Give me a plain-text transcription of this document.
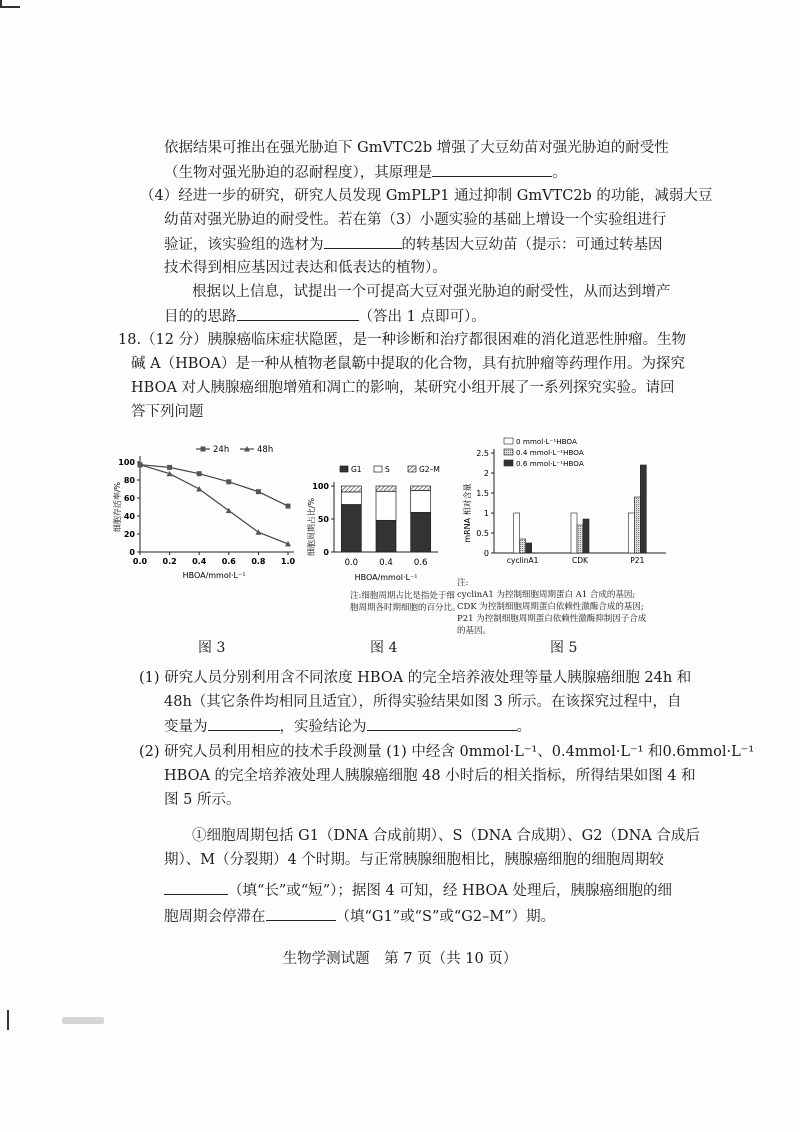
依据结果可推出在强光胁迫下 GmVTC2b 增强了大豆幼苗对强光胁迫的耐受性
（生物对强光胁迫的忍耐程度），其原理是	。
（4）经进一步的研究，研究人员发现 GmPLP1 通过抑制 GmVTC2b 的功能，减弱大豆
幼苗对强光胁迫的耐受性。若在第（3）小题实验的基础上增设一个实验组进行
验证，该实验组的选材为	的转基因大豆幼苗（提示：可通过转基因
技术得到相应基因过表达和低表达的植物）。
根据以上信息，试提出一个可提高大豆对强光胁迫的耐受性，从而达到增产
目的的思路	（答出 1 点即可）。
18.（12 分）胰腺癌临床症状隐匿，是一种诊断和治疗都很困难的消化道恶性肿瘤。生物
碱 A（HBOA）是一种从植物老鼠簕中提取的化合物，具有抗肿瘤等药理作用。为探究
HBOA 对人胰腺癌细胞增殖和凋亡的影响，某研究小组开展了一系列探究实验。请回
答下列问题
0
20
40
60
80
100
0.0 0.2 0.4 0.6 0.8 1.0
HBOA/mmol·L⁻¹
细胞存活率/%
24h	48h
0
50
100
细胞周期占比/%
0.0 0.4 0.6
HBOA/mmol·L⁻¹
G1	S	G2–M
注:细胞周期占比是指处于细
胞周期各时期细胞的百分比。
0
0.5
1
1.5
2
2.5
mRNA 相对含量
cyclinA1	CDK	P21
0 mmol·L⁻¹HBOA
0.4 mmol·L⁻¹HBOA
0.6 mmol·L⁻¹HBOA
注:
cyclinA1 为控制细胞周期蛋白 A1 合成的基因;
CDK 为控制细胞周期蛋白依赖性激酶合成的基因;
P21 为控制细胞周期蛋白依赖性激酶抑制因子合成
的基因。
图 3	图 4	图 5
(1) 研究人员分别利用含不同浓度 HBOA 的完全培养液处理等量人胰腺癌细胞 24h 和
48h（其它条件均相同且适宜），所得实验结果如图 3 所示。在该探究过程中，自
变量为	，实验结论为	。
(2) 研究人员利用相应的技术手段测量 (1) 中经含 0mmol·L⁻¹、0.4mmol·L⁻¹ 和0.6mmol·L⁻¹
HBOA 的完全培养液处理人胰腺癌细胞 48 小时后的相关指标，所得结果如图 4 和
图 5 所示。
①细胞周期包括 G1（DNA 合成前期）、S（DNA 合成期）、G2（DNA 合成后
期）、M（分裂期）4 个时期。与正常胰腺细胞相比，胰腺癌细胞的细胞周期较
（填“长”或“短”）；据图 4 可知，经 HBOA 处理后，胰腺癌细胞的细
胞周期会停滞在	（填“G1”或“S”或“G2–M”）期。
生物学测试题　第 7 页（共 10 页）
